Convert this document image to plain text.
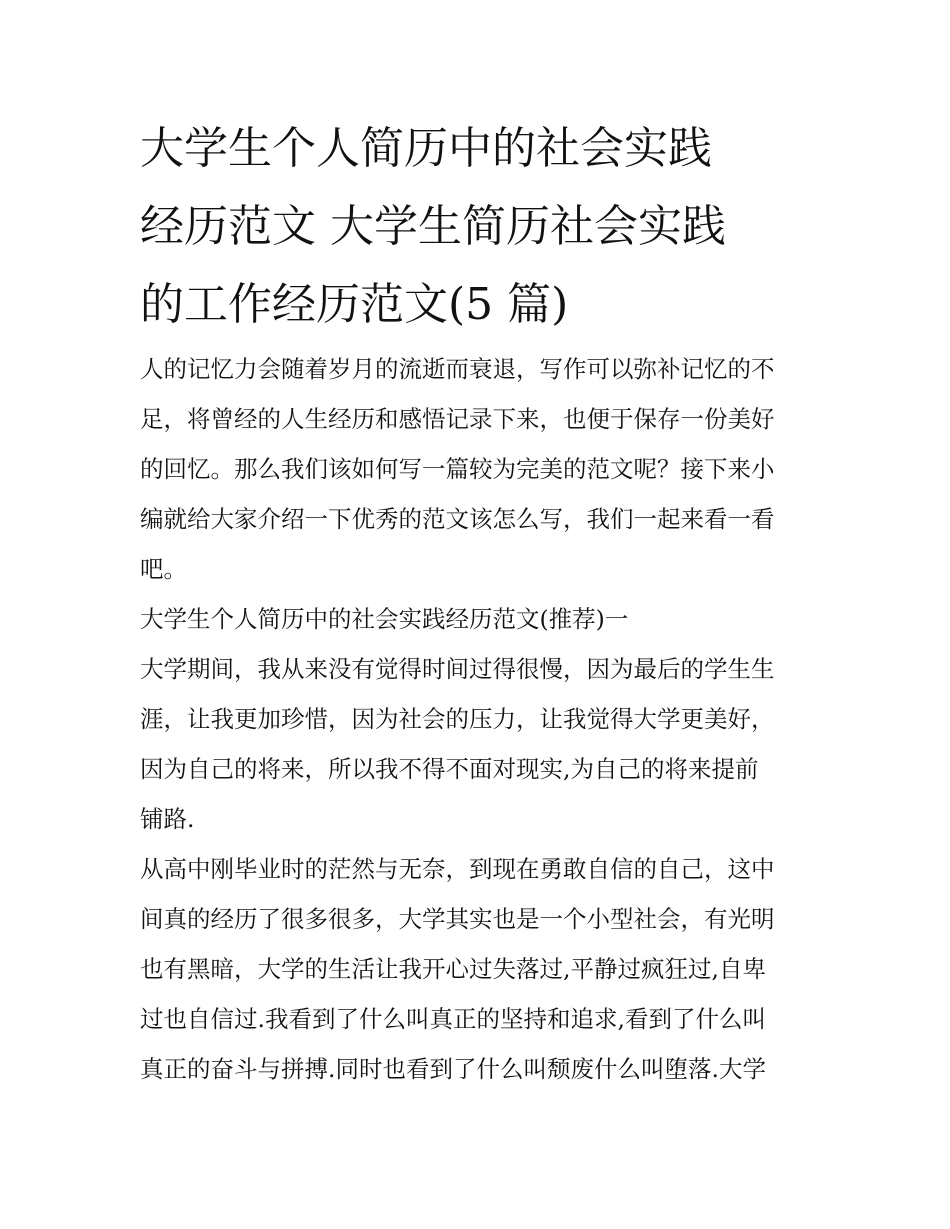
大学生个人简历中的社会实践
经历范文 大学生简历社会实践
的工作经历范文(5 篇)

人的记忆力会随着岁月的流逝而衰退，写作可以弥补记忆的不
足，将曾经的人生经历和感悟记录下来，也便于保存一份美好
的回忆。那么我们该如何写一篇较为完美的范文呢？接下来小
编就给大家介绍一下优秀的范文该怎么写，我们一起来看一看
吧。

大学生个人简历中的社会实践经历范文(推荐)一

大学期间，我从来没有觉得时间过得很慢，因为最后的学生生
涯，让我更加珍惜，因为社会的压力，让我觉得大学更美好，
因为自己的将来，所以我不得不面对现实,为自己的将来提前
铺路.

从高中刚毕业时的茫然与无奈，到现在勇敢自信的自己，这中
间真的经历了很多很多，大学其实也是一个小型社会，有光明
也有黑暗，大学的生活让我开心过失落过,平静过疯狂过,自卑
过也自信过.我看到了什么叫真正的坚持和追求,看到了什么叫
真正的奋斗与拼搏.同时也看到了什么叫颓废什么叫堕落.大学
